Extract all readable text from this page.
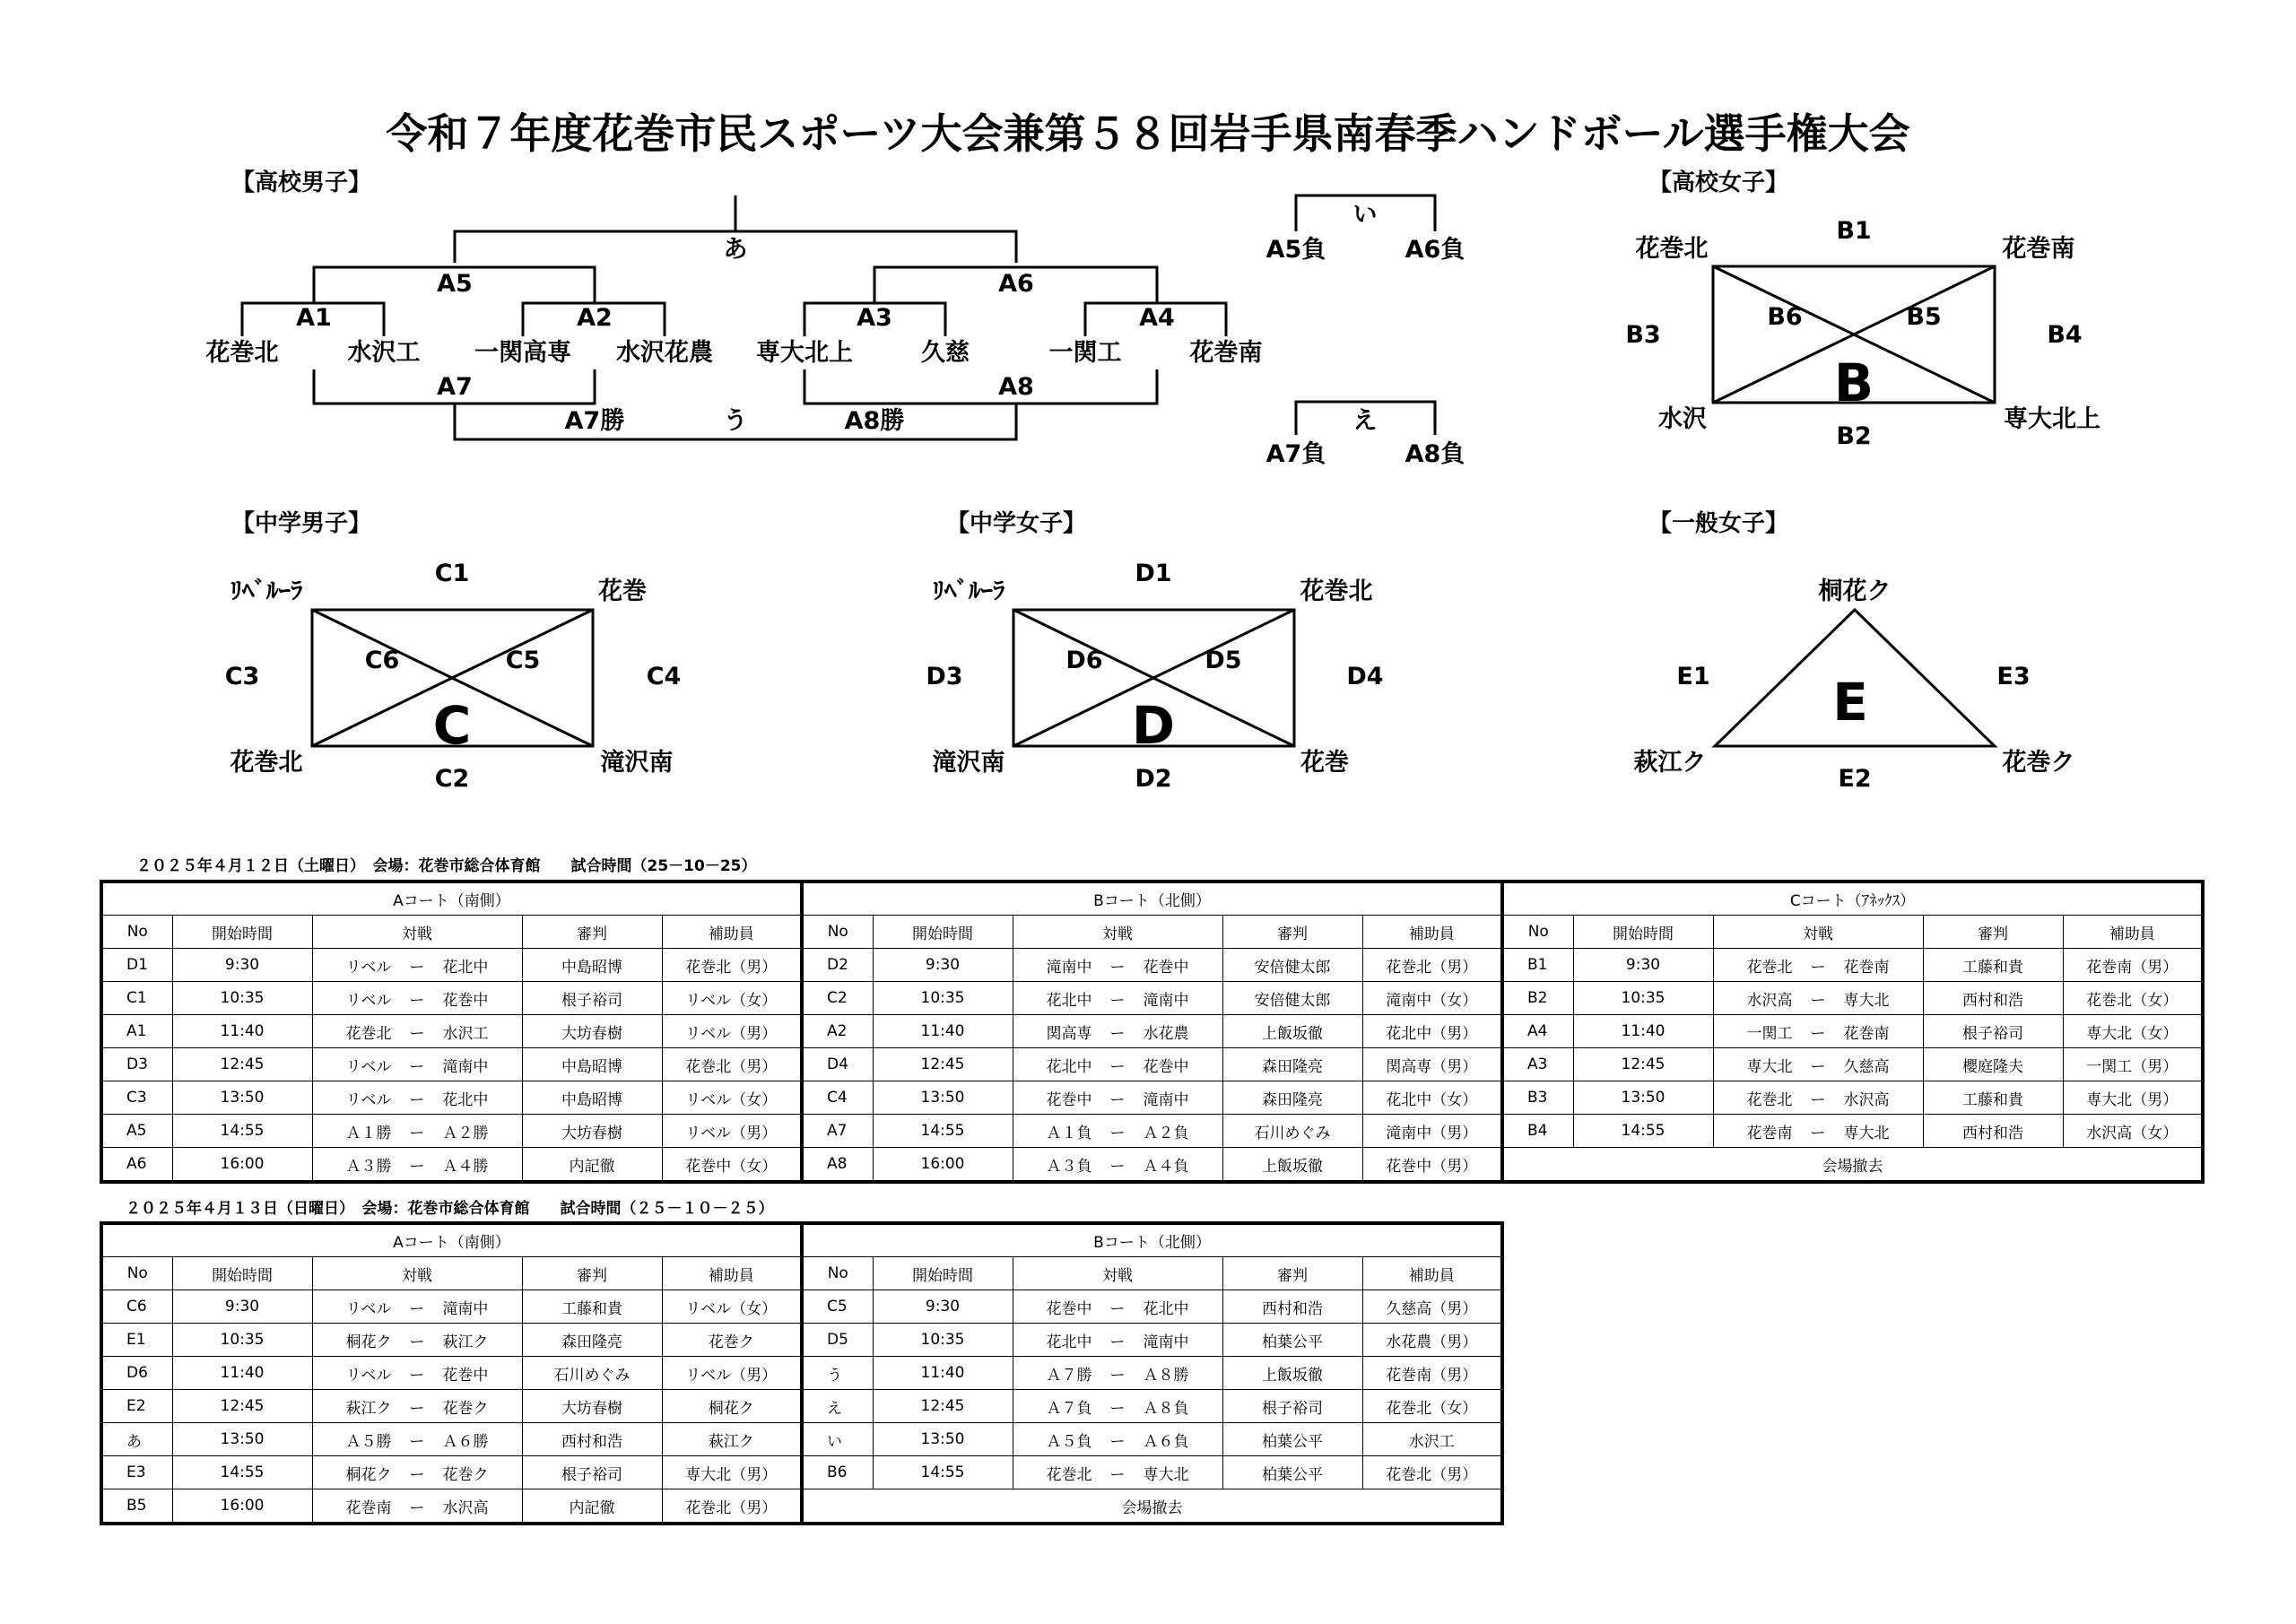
令和７年度花巻市民スポーツ大会兼第５８回岩手県南春季ハンドボール選手権大会
【高校男子】	【高校女子】
【中学男子】	【中学女子】	【一般女子】
あ
A5	A6
A1	A2	A3	A4
花巻北	水沢工 一関高専 水沢花農 専大北上	久慈	一関工	花巻南
A7	A8
A7勝	う	A8勝
い
A5負	A6負
え
A7負	A8負
花巻北	花巻南
水沢	専大北上
B1
B2
B3	B4
B6	B5
B
ﾘﾍﾞﾙｰﾗ	花巻
花巻北	滝沢南
C1
C2
C3	C4
C6	C5
C
ﾘﾍﾞﾙｰﾗ	花巻北
滝沢南	花巻
D1
D2
D3	D4
D6	D5
D
桐花ク
萩江ク	花巻ク
E1
E2
E3
E
２０２５年４月１２日（土曜日）　会場：花巻市総合体育館　　試合時間（25－10－25）
Aコート（南側）					Bコート（北側）					Cコート（ｱﾈｯｸｽ）				
No	開始時間	対戦	審判	補助員	No	開始時間	対戦	審判	補助員	No	開始時間	対戦	審判	補助員
D1	9:30	リベル ー 花北中	中島昭博	花巻北（男）	D2	9:30	滝南中 ー 花巻中	安倍健太郎	花巻北（男）	B1	9:30	花巻北 ー 花巻南	工藤和貴	花巻南（男）
C1	10:35	リベル ー 花巻中	根子裕司	リベル（女）	C2	10:35	花北中 ー 滝南中	安倍健太郎	滝南中（女）	B2	10:35	水沢高 ー 専大北	西村和浩	花巻北（女）
A1	11:40	花巻北 ー 水沢工	大坊春樹	リベル（男）	A2	11:40	関高専 ー 水花農	上飯坂徹	花北中（男）	A4	11:40	一関工 ー 花巻南	根子裕司	専大北（女）
D3	12:45	リベル ー 滝南中	中島昭博	花巻北（男）	D4	12:45	花北中 ー 花巻中	森田隆亮	関高専（男）	A3	12:45	専大北 ー 久慈高	櫻庭隆夫	一関工（男）
C3	13:50	リベル ー 花北中	中島昭博	リベル（女）	C4	13:50	花巻中 ー 滝南中	森田隆亮	花北中（女）	B3	13:50	花巻北 ー 水沢高	工藤和貴	専大北（男）
A5	14:55	Ａ１勝 ー Ａ２勝	大坊春樹	リベル（男）	A7	14:55	Ａ１負 ー Ａ２負	石川めぐみ	滝南中（男）	B4	14:55	花巻南 ー 専大北	西村和浩	水沢高（女）
A6	16:00	Ａ３勝 ー Ａ４勝	内記徹	花巻中（女）	A8	16:00	Ａ３負 ー Ａ４負	上飯坂徹	花巻中（男）	会場撤去				
２０２５年４月１３日（日曜日）　会場：花巻市総合体育館　　試合時間（２５－１０－２５）
Aコート（南側）					Bコート（北側）				
No	開始時間	対戦	審判	補助員	No	開始時間	対戦	審判	補助員
C6	9:30	リベル ー 滝南中	工藤和貴	リベル（女）	C5	9:30	花巻中 ー 花北中	西村和浩	久慈高（男）
E1	10:35	桐花ク ー 萩江ク	森田隆亮	花巻ク	D5	10:35	花北中 ー 滝南中	柏葉公平	水花農（男）
D6	11:40	リベル ー 花巻中	石川めぐみ	リベル（男）	う	11:40	Ａ７勝 ー Ａ８勝	上飯坂徹	花巻南（男）
E2	12:45	萩江ク ー 花巻ク	大坊春樹	桐花ク	え	12:45	Ａ７負 ー Ａ８負	根子裕司	花巻北（女）
あ	13:50	Ａ５勝 ー Ａ６勝	西村和浩	萩江ク	い	13:50	Ａ５負 ー Ａ６負	柏葉公平	水沢工
E3	14:55	桐花ク ー 花巻ク	根子裕司	専大北（男）	B6	14:55	花巻北 ー 専大北	柏葉公平	花巻北（男）
B5	16:00	花巻南 ー 水沢高	内記徹	花巻北（男）	会場撤去				
